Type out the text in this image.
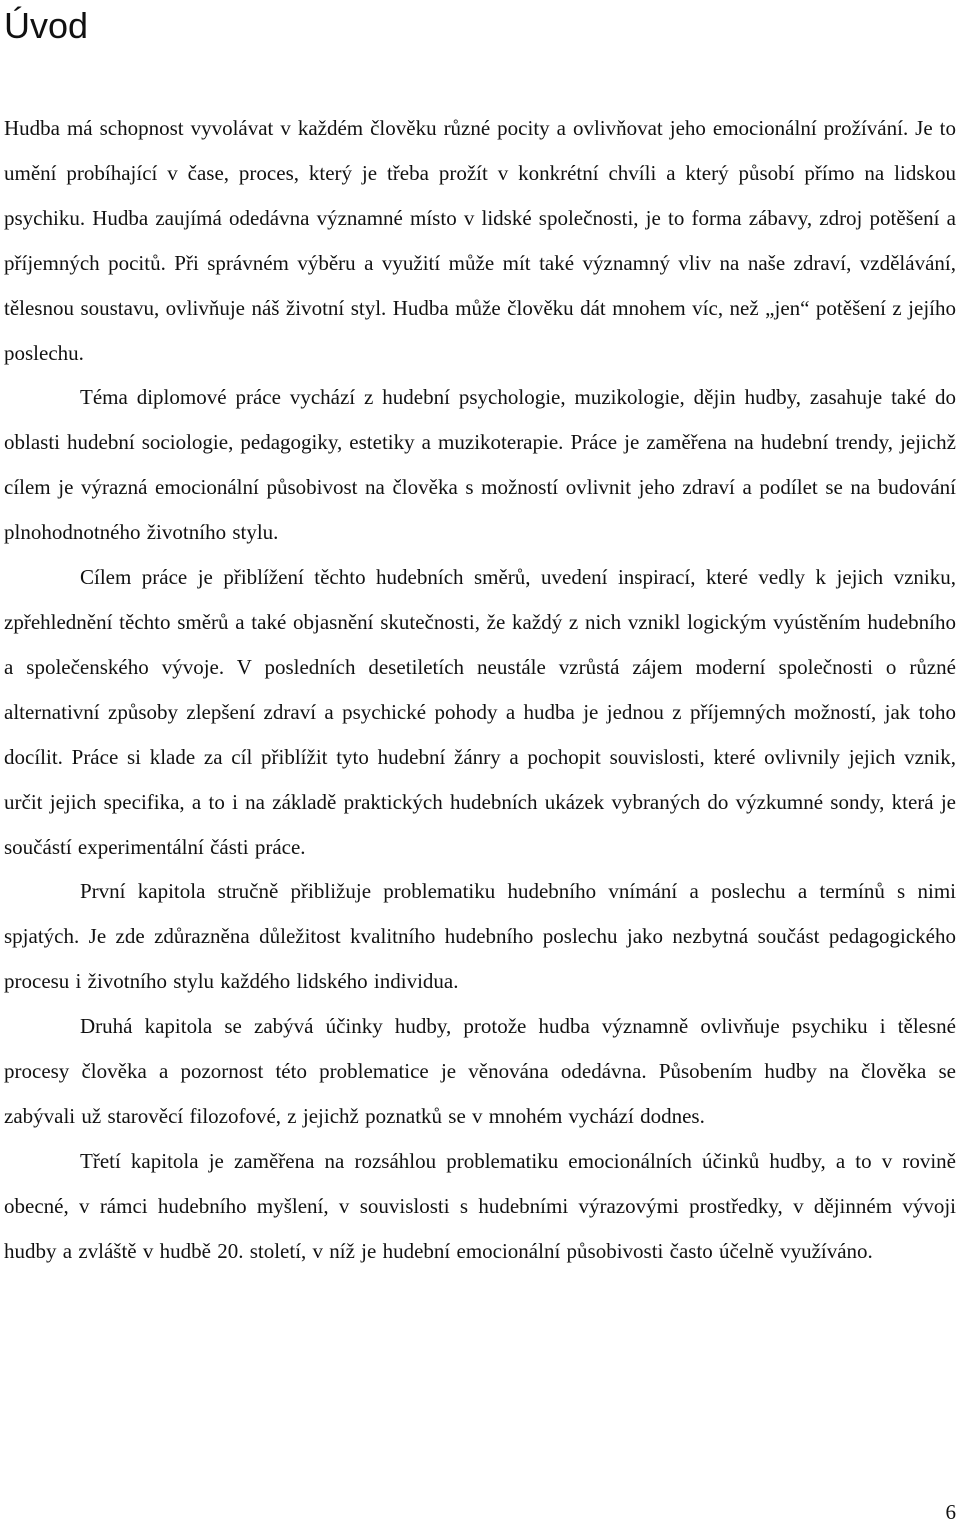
Úvod

Hudba má schopnost vyvolávat v každém člověku různé pocity a ovlivňovat jeho emocionální prožívání. Je to umění probíhající v čase, proces, který je třeba prožít v konkrétní chvíli a který působí přímo na lidskou psychiku. Hudba zaujímá odedávna významné místo v lidské společnosti, je to forma zábavy, zdroj potěšení a příjemných pocitů. Při správném výběru a využití může mít také významný vliv na naše zdraví, vzdělávání, tělesnou soustavu, ovlivňuje náš životní styl. Hudba může člověku dát mnohem víc, než „jen“ potěšení z jejího poslechu.

Téma diplomové práce vychází z hudební psychologie, muzikologie, dějin hudby, zasahuje také do oblasti hudební sociologie, pedagogiky, estetiky a muzikoterapie. Práce je zaměřena na hudební trendy, jejichž cílem je výrazná emocionální působivost na člověka s možností ovlivnit jeho zdraví a podílet se na budování plnohodnotného životního stylu.

Cílem práce je přiblížení těchto hudebních směrů, uvedení inspirací, které vedly k jejich vzniku, zpřehlednění těchto směrů a také objasnění skutečnosti, že každý z nich vznikl logickým vyústěním hudebního a společenského vývoje. V posledních desetiletích neustále vzrůstá zájem moderní společnosti o různé alternativní způsoby zlepšení zdraví a psychické pohody a hudba je jednou z příjemných možností, jak toho docílit. Práce si klade za cíl přiblížit tyto hudební žánry a pochopit souvislosti, které ovlivnily jejich vznik, určit jejich specifika, a to i na základě praktických hudebních ukázek vybraných do výzkumné sondy, která je součástí experimentální části práce.

První kapitola stručně přibližuje problematiku hudebního vnímání a poslechu a termínů s nimi spjatých. Je zde zdůrazněna důležitost kvalitního hudebního poslechu jako nezbytná součást pedagogického procesu i životního stylu každého lidského individua.

Druhá kapitola se zabývá účinky hudby, protože hudba významně ovlivňuje psychiku i tělesné procesy člověka a pozornost této problematice je věnována odedávna. Působením hudby na člověka se zabývali už starověcí filozofové, z jejichž poznatků se v mnohém vychází dodnes.

Třetí kapitola je zaměřena na rozsáhlou problematiku emocionálních účinků hudby, a to v rovině obecné, v rámci hudebního myšlení, v souvislosti s hudebními výrazovými prostředky, v dějinném vývoji hudby a zvláště v hudbě 20. století, v níž je hudební emocionální působivosti často účelně využíváno.

6
